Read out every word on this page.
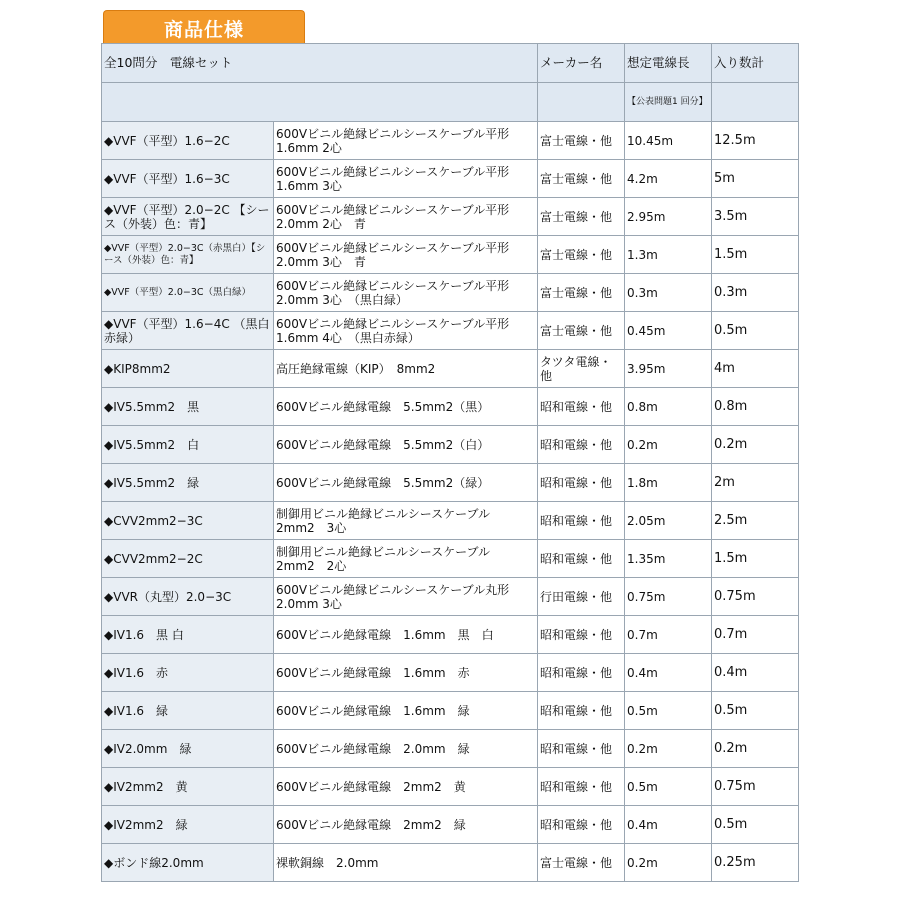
商品仕様
全10問分　電線セット		メーカー名	想定電線長	入り数計
			【公表問題1 回分】	
◆VVF（平型）1.6−2C	600Vビニル絶縁ビニルシースケーブル平形　1.6mm 2心	富士電線・他	10.45m	12.5m
◆VVF（平型）1.6−3C	600Vビニル絶縁ビニルシースケーブル平形　1.6mm 3心	富士電線・他	4.2m	5m
◆VVF（平型）2.0−2C 【シース（外装）色：青】	600Vビニル絶縁ビニルシースケーブル平形　2.0mm 2心　青	富士電線・他	2.95m	3.5m
◆VVF（平型）2.0−3C（赤黒白）【シース（外装）色：青】	600Vビニル絶縁ビニルシースケーブル平形　2.0mm 3心　青	富士電線・他	1.3m	1.5m
◆VVF（平型）2.0−3C（黒白緑）	600Vビニル絶縁ビニルシースケーブル平形　2.0mm 3心　（黒白緑）	富士電線・他	0.3m	0.3m
◆VVF（平型）1.6−4C （黒白赤緑）	600Vビニル絶縁ビニルシースケーブル平形　1.6mm 4心　（黒白赤緑）	富士電線・他	0.45m	0.5m
◆KIP8mm2	高圧絶縁電線（KIP）　8mm2	タツタ電線・他	3.95m	4m
◆IV5.5mm2　黒	600Vビニル絶縁電線　5.5mm2（黒）	昭和電線・他	0.8m	0.8m
◆IV5.5mm2　白	600Vビニル絶縁電線　5.5mm2（白）	昭和電線・他	0.2m	0.2m
◆IV5.5mm2　緑	600Vビニル絶縁電線　5.5mm2（緑）	昭和電線・他	1.8m	2m
◆CVV2mm2−3C	制御用ビニル絶縁ビニルシースケーブル　2mm2　3心	昭和電線・他	2.05m	2.5m
◆CVV2mm2−2C	制御用ビニル絶縁ビニルシースケーブル　2mm2　2心	昭和電線・他	1.35m	1.5m
◆VVR（丸型）2.0−3C	600Vビニル絶縁ビニルシースケーブル丸形　2.0mm 3心	行田電線・他	0.75m	0.75m
◆IV1.6　黒 白	600Vビニル絶縁電線　1.6mm　黒　白	昭和電線・他	0.7m	0.7m
◆IV1.6　赤	600Vビニル絶縁電線　1.6mm　赤	昭和電線・他	0.4m	0.4m
◆IV1.6　緑	600Vビニル絶縁電線　1.6mm　緑	昭和電線・他	0.5m	0.5m
◆IV2.0mm　緑	600Vビニル絶縁電線　2.0mm　緑	昭和電線・他	0.2m	0.2m
◆IV2mm2　黄	600Vビニル絶縁電線　2mm2　黄	昭和電線・他	0.5m	0.75m
◆IV2mm2　緑	600Vビニル絶縁電線　2mm2　緑	昭和電線・他	0.4m	0.5m
◆ボンド線2.0mm	裸軟銅線　2.0mm	富士電線・他	0.2m	0.25m
